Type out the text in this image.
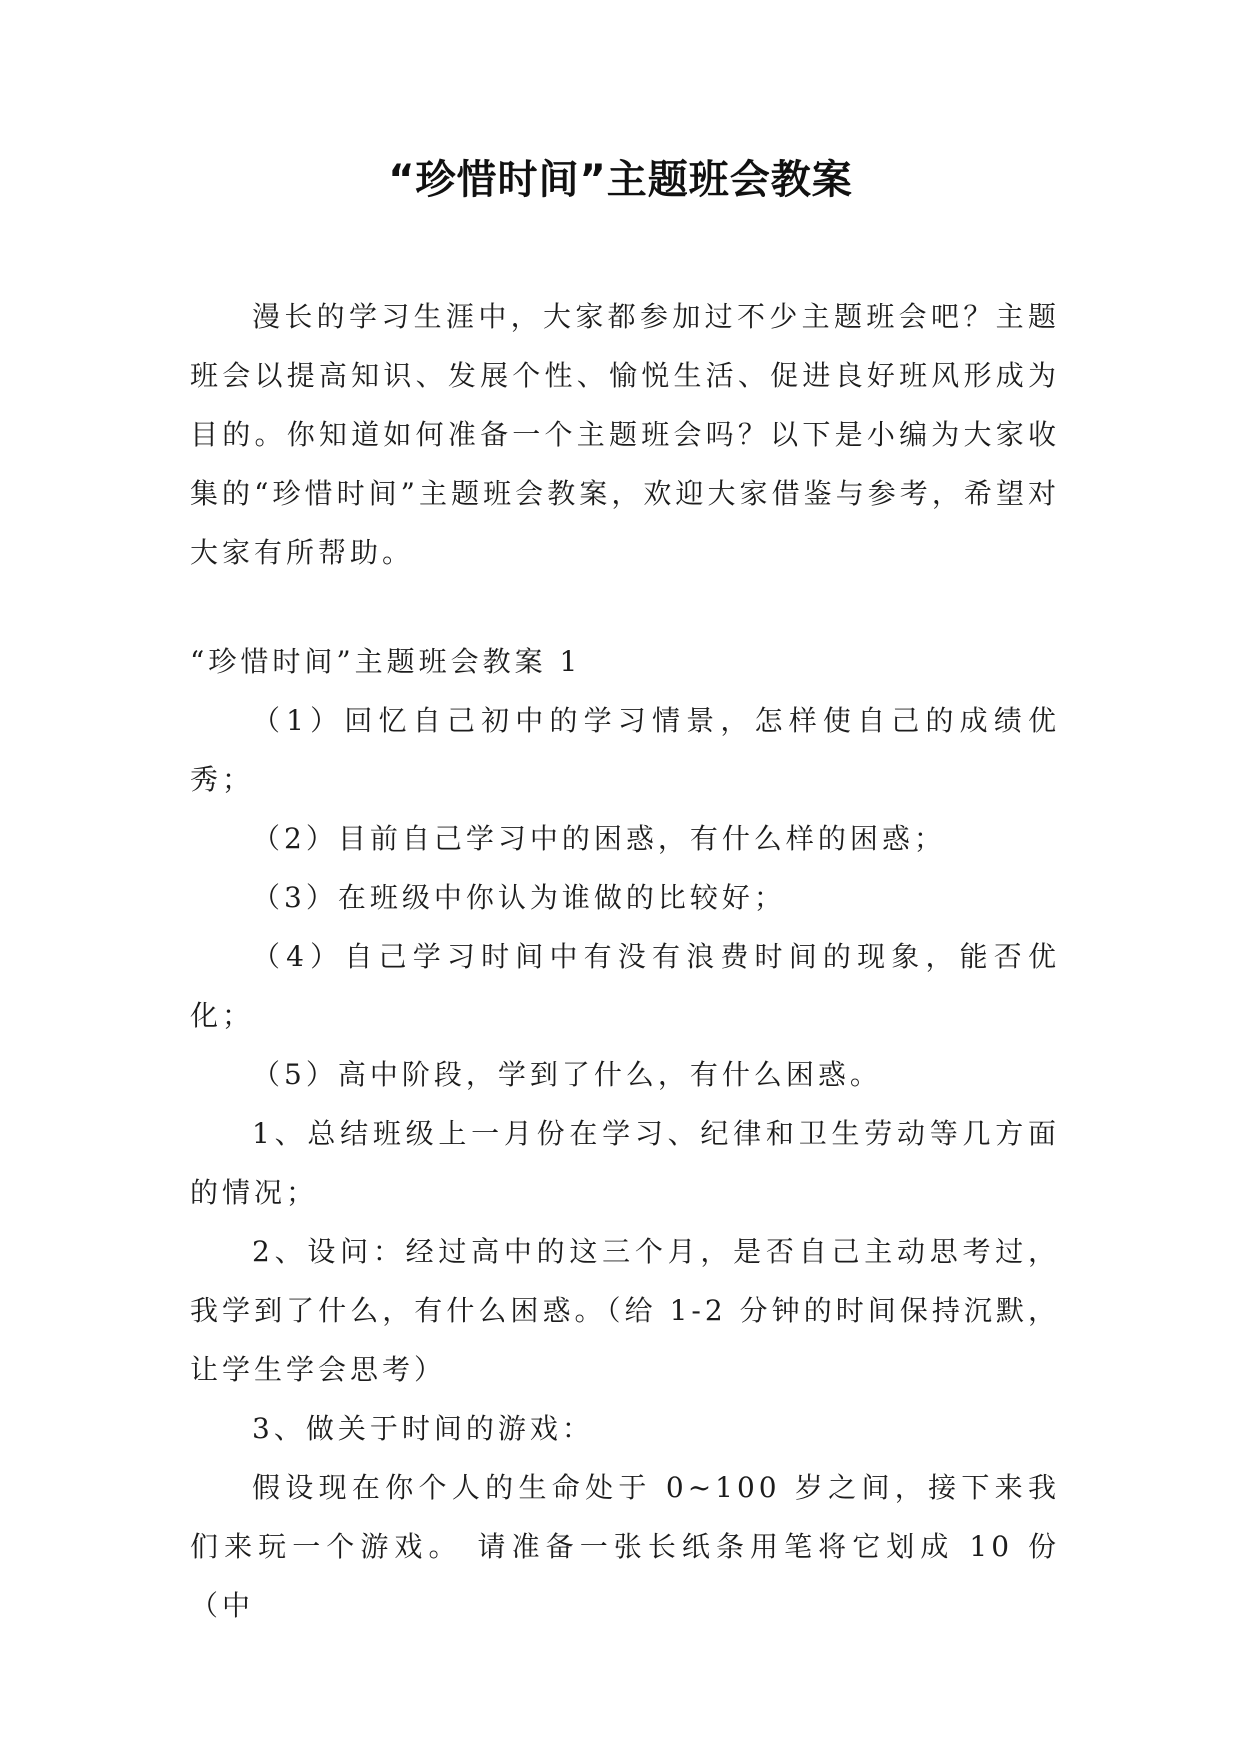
“珍惜时间”主题班会教案

漫长的学习生涯中，大家都参加过不少主题班会吧？主题班会以提高知识、发展个性、愉悦生活、促进良好班风形成为目的。你知道如何准备一个主题班会吗？以下是小编为大家收集的“珍惜时间”主题班会教案，欢迎大家借鉴与参考，希望对大家有所帮助。

“珍惜时间”主题班会教案 1

（1）回忆自己初中的学习情景，怎样使自己的成绩优秀；

（2）目前自己学习中的困惑，有什么样的困惑；

（3）在班级中你认为谁做的比较好；

（4）自己学习时间中有没有浪费时间的现象，能否优化；

（5）高中阶段，学到了什么，有什么困惑。

1、总结班级上一月份在学习、纪律和卫生劳动等几方面的情况；

2、设问：经过高中的这三个月，是否自己主动思考过，我学到了什么，有什么困惑。（给 1-2 分钟的时间保持沉默，让学生学会思考）

3、做关于时间的游戏：

假设现在你个人的生命处于 0~100 岁之间，接下来我们来玩一个游戏。 请准备一张长纸条用笔将它划成 10 份（中
